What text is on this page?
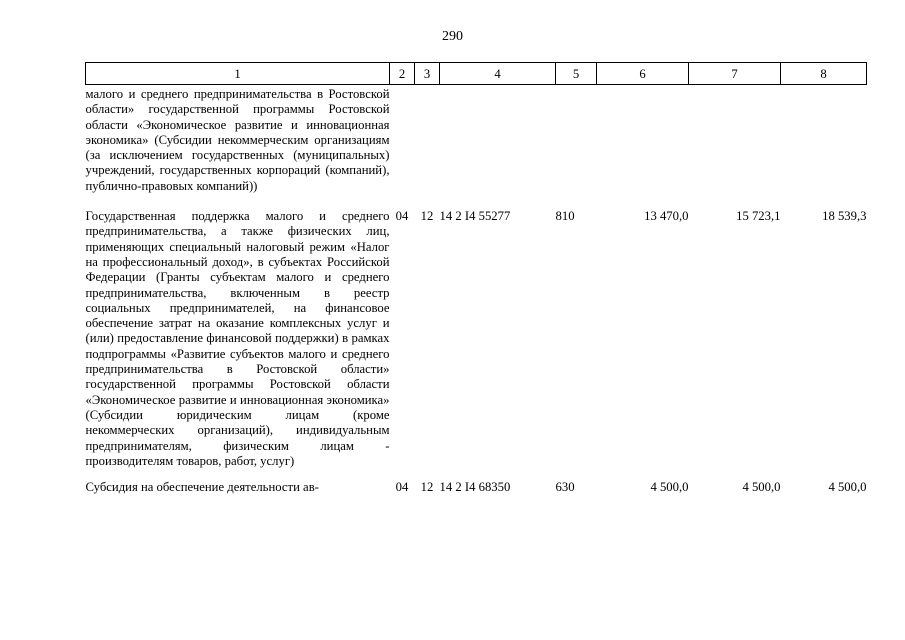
290
1	2	3	4	5	6	7	8
малого и среднего предпринимательства в Ростовской области» государственной программы Ростовской области «Экономическое развитие и инновационная экономика» (Субсидии некоммерческим организациям (за исключением государственных (муниципальных) учреждений, государственных корпораций (компаний), публично-правовых компаний))							
Государственная поддержка малого и среднего предпринимательства, а также физических лиц, применяющих специальный налоговый режим «Налог на профессиональный доход», в субъектах Российской Федерации (Гранты субъектам малого и среднего предпринимательства, включенным в реестр социальных предпринимателей, на финансовое обеспечение затрат на оказание комплексных услуг и (или) предоставление финансовой поддержки) в рамках подпрограммы «Развитие субъектов малого и среднего предпринимательства в Ростовской области» государственной программы Ростовской области «Экономическое развитие и инновационная экономика» (Субсидии юридическим лицам (кроме некоммерческих организаций), индивидуальным предпринимателям, физическим лицам - производителям товаров, работ, услуг)	04	12	14 2 I4 55277	810	13 470,0	15 723,1	18 539,3
Субсидия на обеспечение деятельности ав-	04	12	14 2 I4 68350	630	4 500,0	4 500,0	4 500,0
